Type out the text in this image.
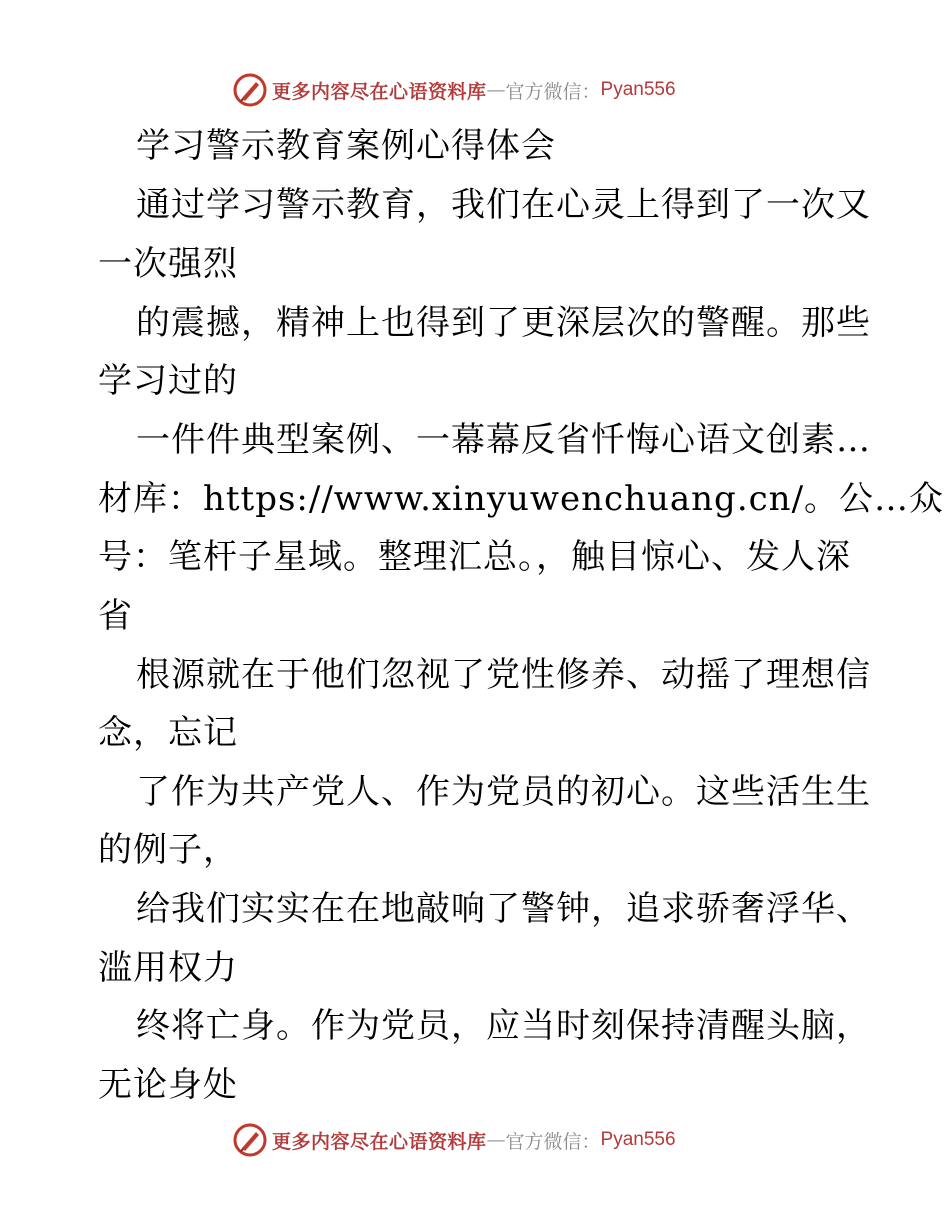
更多内容尽在心语资料库 — 官方微信： Pyan556
学习警示教育案例心得体会
通过学习警示教育，我们在心灵上得到了一次又
一次强烈
的震撼，精神上也得到了更深层次的警醒。那些
学习过的
一件件典型案例、一幕幕反省忏悔心语文创素…
材库：https://www.xinyuwenchuang.cn/。公…众
号：笔杆子星域。整理汇总。，触目惊心、发人深
省
根源就在于他们忽视了党性修养、动摇了理想信
念，忘记
了作为共产党人、作为党员的初心。这些活生生
的例子，
给我们实实在在地敲响了警钟，追求骄奢浮华、
滥用权力
终将亡身。作为党员，应当时刻保持清醒头脑，
无论身处
更多内容尽在心语资料库 — 官方微信： Pyan556
